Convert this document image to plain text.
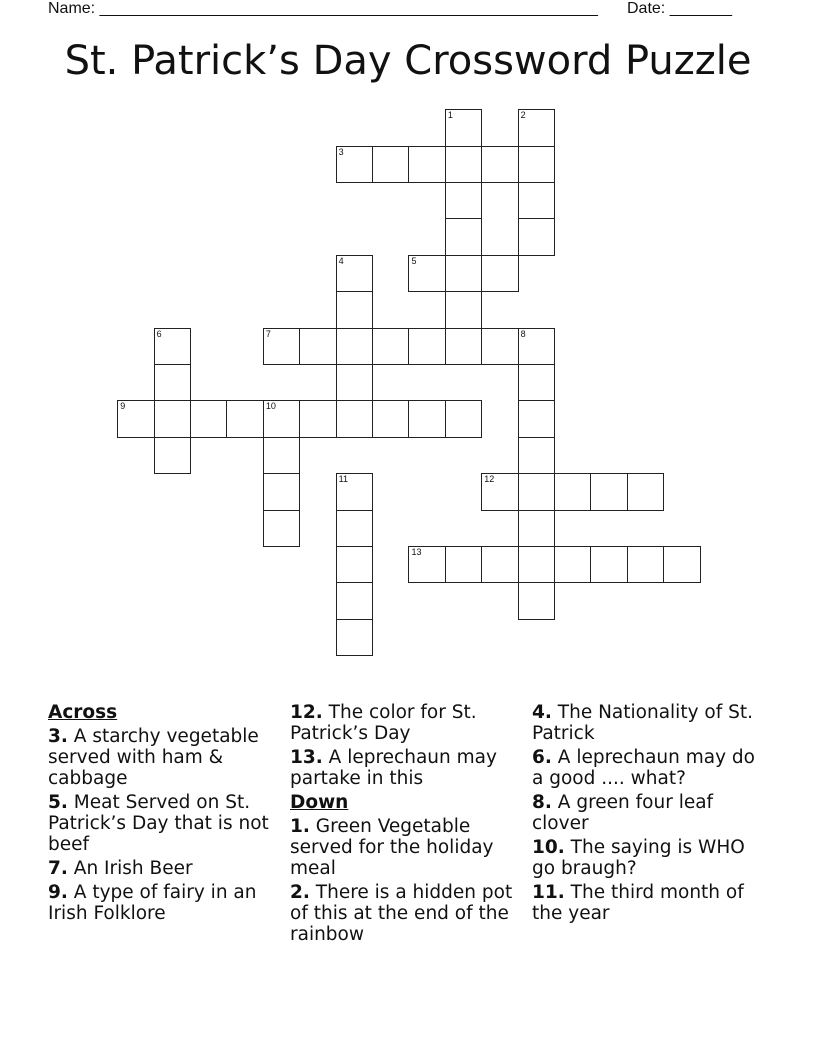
Name: ________________________________________________________ Date: _______
St. Patrick’s Day Crossword Puzzle
3
5
7	8
9	10
12
13
1	2
4
6
11
Across
3. A starchy vegetable served with ham & cabbage
5. Meat Served on St. Patrick’s Day that is not beef
7. An Irish Beer
9. A type of fairy in an Irish Folklore
12. The color for St. Patrick’s Day
13. A leprechaun may partake in this
Down
1. Green Vegetable served for the holiday meal
2. There is a hidden pot of this at the end of the rainbow
4. The Nationality of St. Patrick
6. A leprechaun may do a good .... what?
8. A green four leaf clover
10. The saying is WHO go braugh?
11. The third month of the year
